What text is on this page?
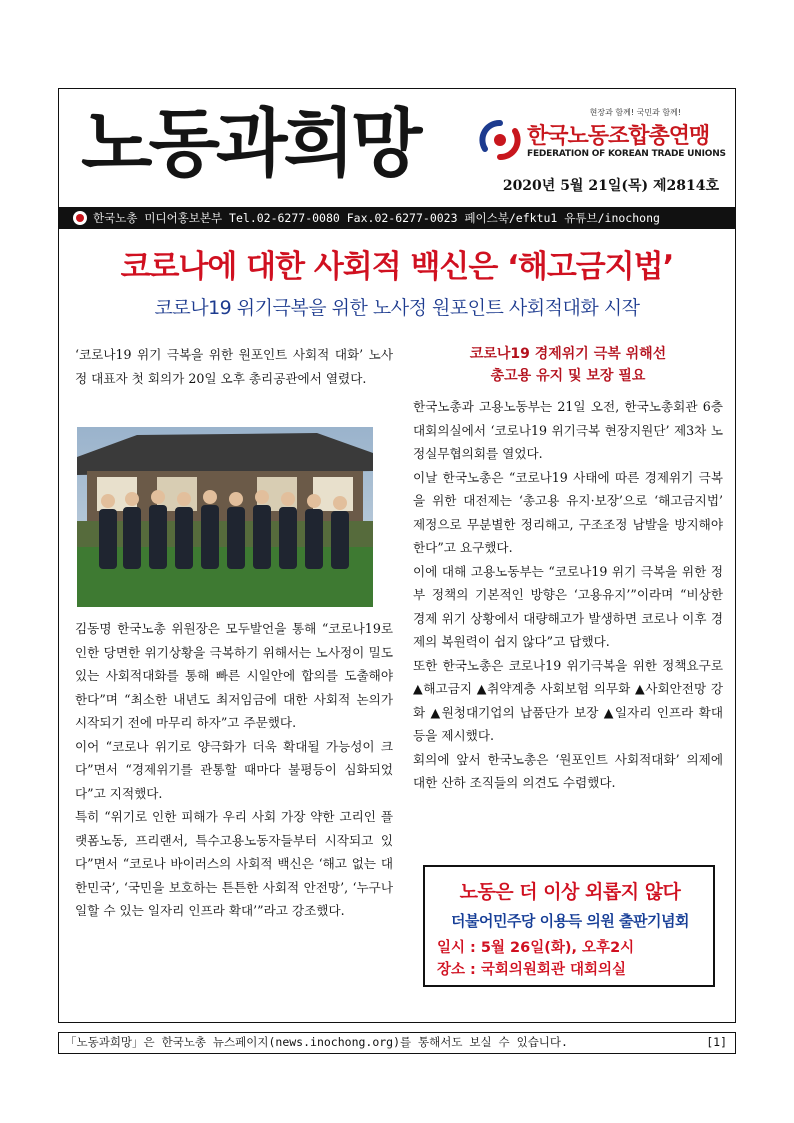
노동과희망	현장과 함께! 국민과 함께!
한국노동조합총연맹
FEDERATION OF KOREAN TRADE UNIONS
2020년 5월 21일(목) 제2814호
한국노총 미디어홍보본부 Tel.02-6277-0080 Fax.02-6277-0023 페이스북/efktu1 유튜브/inochong
코로나에 대한 사회적 백신은 ‘해고금지법’
코로나19 위기극복을 위한 노사정 원포인트 사회적대화 시작

‘코로나19 위기 극복을 위한 원포인트 사회적 대화’ 노사정 대표자 첫 회의가 20일 오후 총리공관에서 열렸다.

김동명 한국노총 위원장은 모두발언을 통해 “코로나19로 인한 당면한 위기상황을 극복하기 위해서는 노사정이 밀도 있는 사회적대화를 통해 빠른 시일안에 합의를 도출해야 한다”며 “최소한 내년도 최저임금에 대한 사회적 논의가 시작되기 전에 마무리 하자”고 주문했다.

이어 “코로나 위기로 양극화가 더욱 확대될 가능성이 크다”면서 “경제위기를 관통할 때마다 불평등이 심화되었다”고 지적했다.

특히 “위기로 인한 피해가 우리 사회 가장 약한 고리인 플랫폼노동, 프리랜서, 특수고용노동자들부터 시작되고 있다”면서 “코로나 바이러스의 사회적 백신은 ‘해고 없는 대한민국’, ‘국민을 보호하는 튼튼한 사회적 안전망’, ‘누구나 일할 수 있는 일자리 인프라 확대’”라고 강조했다.

코로나19 경제위기 극복 위해선
총고용 유지 및 보장 필요

한국노총과 고용노동부는 21일 오전, 한국노총회관 6층 대회의실에서 ‘코로나19 위기극복 현장지원단’ 제3차 노정실무협의회를 열었다.

이날 한국노총은 “코로나19 사태에 따른 경제위기 극복을 위한 대전제는 ‘총고용 유지·보장’으로 ‘해고금지법’ 제정으로 무분별한 정리해고, 구조조정 남발을 방지해야 한다”고 요구했다.

이에 대해 고용노동부는 “코로나19 위기 극복을 위한 정부 정책의 기본적인 방향은 ‘고용유지’”이라며 “비상한 경제 위기 상황에서 대량해고가 발생하면 코로나 이후 경제의 복원력이 쉽지 않다”고 답했다.

또한 한국노총은 코로나19 위기극복을 위한 정책요구로 ▲해고금지 ▲취약계층 사회보험 의무화 ▲사회안전망 강화 ▲원청대기업의 납품단가 보장 ▲일자리 인프라 확대 등을 제시했다.

회의에 앞서 한국노총은 ‘원포인트 사회적대화’ 의제에 대한 산하 조직들의 의견도 수렴했다.

노동은 더 이상 외롭지 않다
더불어민주당 이용득 의원 출판기념회
일시 : 5월 26일(화), 오후2시
장소 : 국회의원회관 대회의실
「노동과희망」은 한국노총 뉴스페이지(news.inochong.org)를 통해서도 보실 수 있습니다.	[1]
